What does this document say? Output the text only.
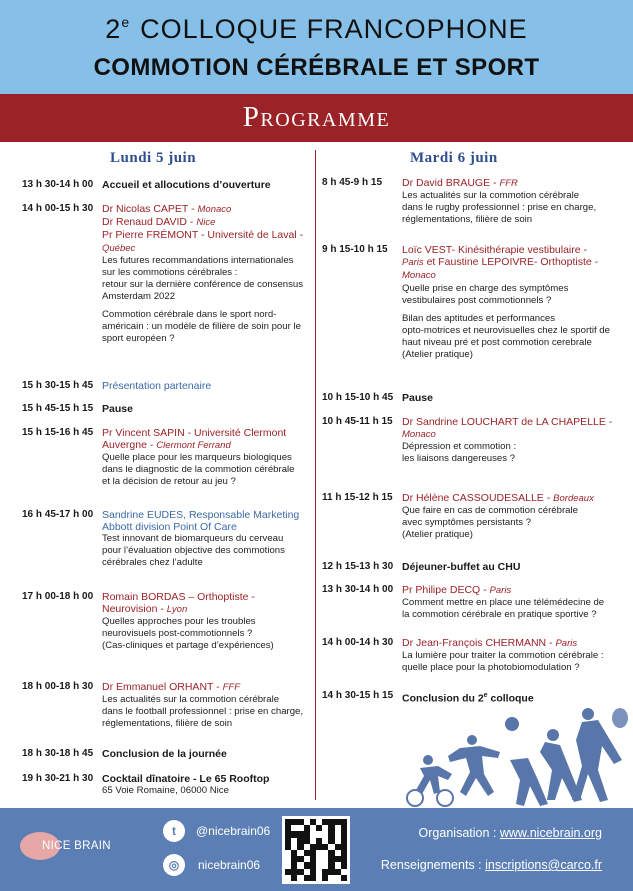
2e COLLOQUE FRANCOPHONE
COMMOTION CÉRÉBRALE ET SPORT
Programme
Lundi 5 juin
13 h 30-14 h 00 Accueil et allocutions d’ouverture
14 h 00-15 h 30 Dr Nicolas CAPET - Monaco
Dr Renaud DAVID - Nice
Pr Pierre FRÉMONT - Université de Laval -
Québec
Les futures recommandations internationales
sur les commotions cérébrales :
retour sur la dernière conférence de consensus
Amsterdam 2022
Commotion cérébrale dans le sport nord-
américain : un modèle de filière de soin pour le
sport européen ?
15 h 30-15 h 45 Présentation partenaire
15 h 45-15 h 15 Pause
15 h 15-16 h 45 Pr Vincent SAPIN - Université Clermont
Auvergne - Clermont Ferrand
Quelle place pour les marqueurs biologiques
dans le diagnostic de la commotion cérébrale
et la décision de retour au jeu ?
16 h 45-17 h 00 Sandrine EUDES, Responsable Marketing
Abbott division Point Of Care
Test innovant de biomarqueurs du cerveau
pour l’évaluation objective des commotions
cérébrales chez l’adulte
17 h 00-18 h 00 Romain BORDAS – Orthoptiste -
Neurovision - Lyon
Quelles approches pour les troubles
neurovisuels post-commotionnels ?
(Cas-cliniques et partage d’expériences)
18 h 00-18 h 30 Dr Emmanuel ORHANT - FFF
Les actualités sur la commotion cérébrale
dans le football professionnel : prise en charge,
réglementations, filière de soin
18 h 30-18 h 45 Conclusion de la journée
19 h 30-21 h 30 Cocktail dînatoire - Le 65 Rooftop
65 Voie Romaine, 06000 Nice
Mardi 6 juin
8 h 45-9 h 15	Dr David BRAUGE - FFR
Les actualités sur la commotion cérébrale
dans le rugby professionnel : prise en charge,
réglementations, filière de soin
9 h 15-10 h 15	Loïc VEST- Kinésithérapie vestibulaire -
Paris et Faustine LEPOIVRE- Orthoptiste -
Monaco
Quelle prise en charge des symptômes
vestibulaires post commotionnels ?
Bilan des aptitudes et performances
opto-motrices et neurovisuelles chez le sportif de
haut niveau pré et post commotion cerebrale
(Atelier pratique)
10 h 15-10 h 45 Pause
10 h 45-11 h 15 Dr Sandrine LOUCHART de LA CHAPELLE -
Monaco
Dépression et commotion :
les liaisons dangereuses ?
11 h 15-12 h 15 Dr Hélène CASSOUDESALLE - Bordeaux
Que faire en cas de commotion cérébrale
avec symptômes persistants ?
(Atelier pratique)
12 h 15-13 h 30 Déjeuner-buffet au CHU
13 h 30-14 h 00 Pr Philipe DECQ - Paris
Comment mettre en place une télémédecine de
la commotion cérébrale en pratique sportive ?
14 h 00-14 h 30 Dr Jean-François CHERMANN - Paris
La lumière pour traiter la commotion cérébrale :
quelle place pour la photobiomodulation ?
14 h 30-15 h 15 Conclusion du 2e colloque
NICE BRAIN
t	@nicebrain06
◎	nicebrain06
Organisation : www.nicebrain.org
Renseignements : inscriptions@carco.fr
